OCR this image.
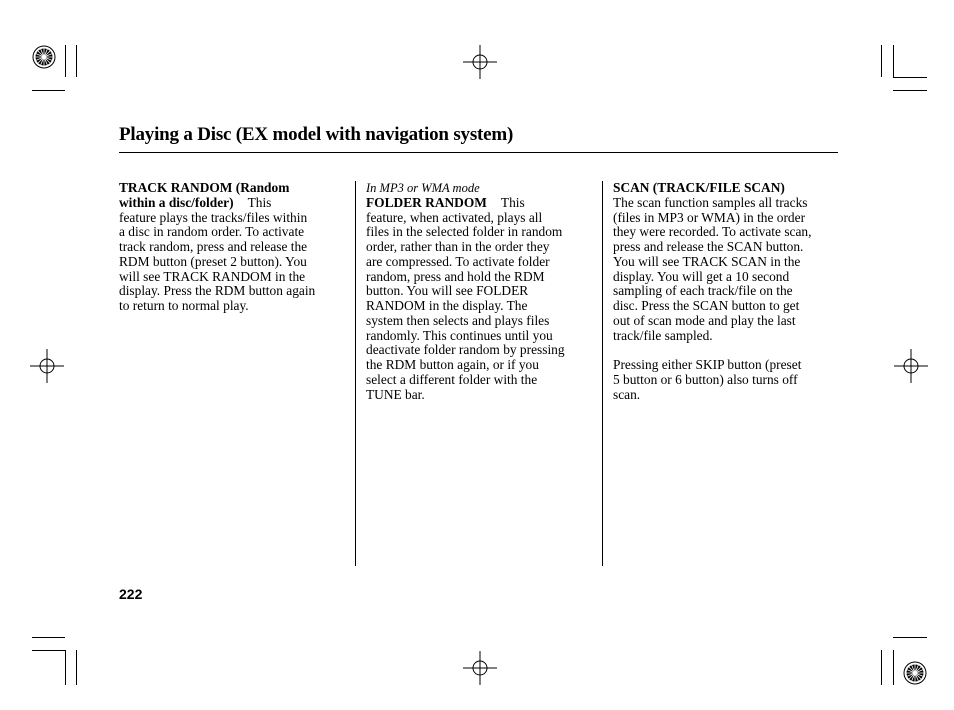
Playing a Disc (EX model with navigation system)

TRACK RANDOM (Random
within a disc/folder) This
feature plays the tracks/files within
a disc in random order. To activate
track random, press and release the
RDM button (preset 2 button). You
will see TRACK RANDOM in the
display. Press the RDM button again
to return to normal play.

In MP3 or WMA mode
FOLDER RANDOM This
feature, when activated, plays all
files in the selected folder in random
order, rather than in the order they
are compressed. To activate folder
random, press and hold the RDM
button. You will see FOLDER
RANDOM in the display. The
system then selects and plays files
randomly. This continues until you
deactivate folder random by pressing
the RDM button again, or if you
select a different folder with the
TUNE bar.

SCAN (TRACK/FILE SCAN)
The scan function samples all tracks
(files in MP3 or WMA) in the order
they were recorded. To activate scan,
press and release the SCAN button.
You will see TRACK SCAN in the
display. You will get a 10 second
sampling of each track/file on the
disc. Press the SCAN button to get
out of scan mode and play the last
track/file sampled.

Pressing either SKIP button (preset
5 button or 6 button) also turns off
scan.

222
